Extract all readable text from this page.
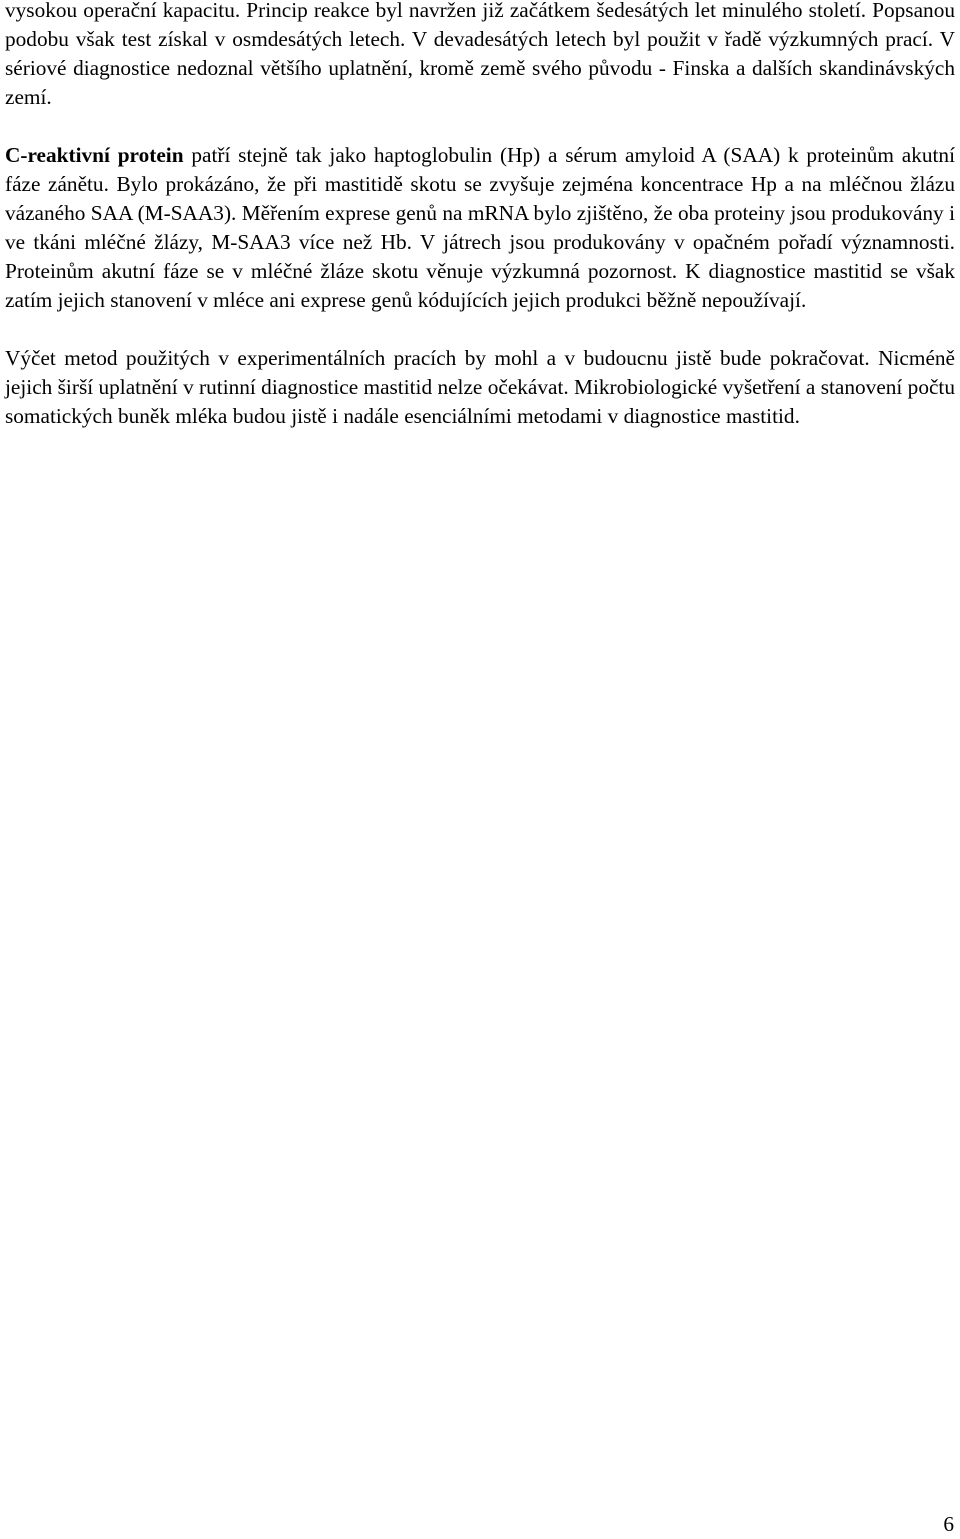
vysokou operační kapacitu. Princip reakce byl navržen již začátkem šedesátých let minulého století. Popsanou podobu však test získal v osmdesátých letech. V devadesátých letech byl použit v řadě výzkumných prací. V sériové diagnostice nedoznal většího uplatnění, kromě země svého původu - Finska a dalších skandinávských zemí.

C-reaktivní protein patří stejně tak jako haptoglobulin (Hp) a sérum amyloid A (SAA) k proteinům akutní fáze zánětu. Bylo prokázáno, že při mastitidě skotu se zvyšuje zejména koncentrace Hp a na mléčnou žlázu vázaného SAA (M-SAA3). Měřením exprese genů na mRNA bylo zjištěno, že oba proteiny jsou produkovány i ve tkáni mléčné žlázy, M-SAA3 více než Hb. V játrech jsou produkovány v opačném pořadí významnosti. Proteinům akutní fáze se v mléčné žláze skotu věnuje výzkumná pozornost. K diagnostice mastitid se však zatím jejich stanovení v mléce ani exprese genů kódujících jejich produkci běžně nepoužívají.

Výčet metod použitých v experimentálních pracích by mohl a v budoucnu jistě bude pokračovat. Nicméně jejich širší uplatnění v rutinní diagnostice mastitid nelze očekávat. Mikrobiologické vyšetření a stanovení počtu somatických buněk mléka budou jistě i nadále esenciálními metodami v diagnostice mastitid.

6
